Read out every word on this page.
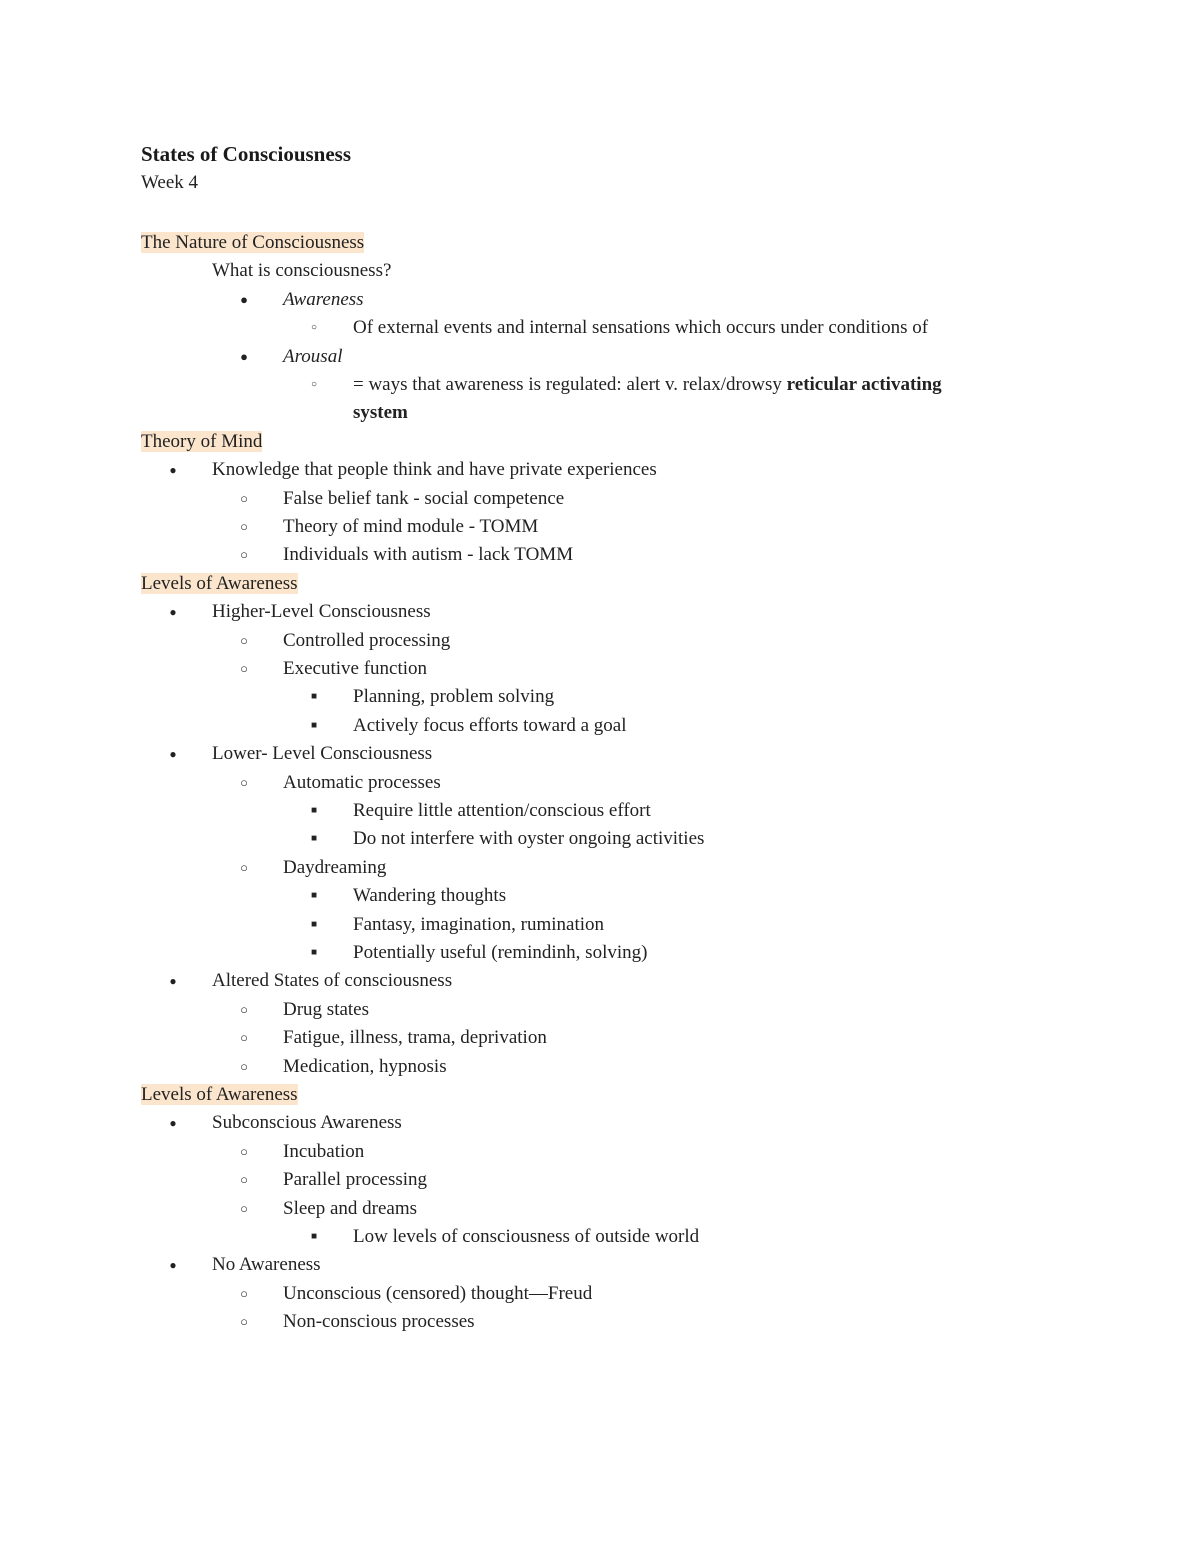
States of Consciousness
Week 4
The Nature of Consciousness
What is consciousness?
●	Awareness
○	Of external events and internal sensations which occurs under conditions of
●	Arousal
○	= ways that awareness is regulated: alert v. relax/drowsy reticular activating
system
Theory of Mind
●	Knowledge that people think and have private experiences
○	False belief tank - social competence
○	Theory of mind module - TOMM
○	Individuals with autism - lack TOMM
Levels of Awareness
●	Higher-Level Consciousness
○	Controlled processing
○	Executive function
■	Planning, problem solving
■	Actively focus efforts toward a goal
●	Lower- Level Consciousness
○	Automatic processes
■	Require little attention/conscious effort
■	Do not interfere with oyster ongoing activities
○	Daydreaming
■	Wandering thoughts
■	Fantasy, imagination, rumination
■	Potentially useful (remindinh, solving)
●	Altered States of consciousness
○	Drug states
○	Fatigue, illness, trama, deprivation
○	Medication, hypnosis
Levels of Awareness
●	Subconscious Awareness
○	Incubation
○	Parallel processing
○	Sleep and dreams
■	Low levels of consciousness of outside world
●	No Awareness
○	Unconscious (censored) thought—Freud
○	Non-conscious processes
